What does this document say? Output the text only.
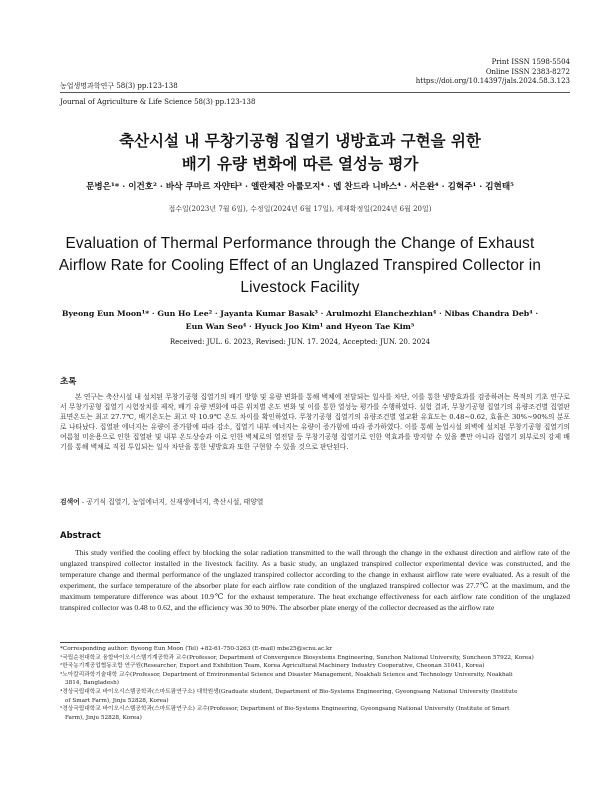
Print ISSN 1598-5504
Online ISSN 2383-8272
https://doi.org/10.14397/jals.2024.58.3.123
농업생명과학연구 58(3) pp.123-138
Journal of Agriculture & Life Science 58(3) pp.123-138
축산시설 내 무창기공형 집열기 냉방효과 구현을 위한
배기 유량 변화에 따른 열성능 평가
문병은¹* · 이건호² · 바삭 쿠마르 자얀타³ · 엘란체잔 아룰모지⁴ · 뎁 찬드라 니바스⁴ · 서은완⁴ · 김혁주¹ · 김현태⁵
접수일(2023년 7월 6일), 수정일(2024년 6월 17일), 게재확정일(2024년 6월 20일)
Evaluation of Thermal Performance through the Change of Exhaust
Airflow Rate for Cooling Effect of an Unglazed Transpired Collector in
Livestock Facility
Byeong Eun Moon¹* · Gun Ho Lee² · Jayanta Kumar Basak³ · Arulmozhi Elanchezhian⁴ · Nibas Chandra Deb⁴ ·
Eun Wan Seo⁴ · Hyuck Joo Kim¹ and Hyeon Tae Kim⁵
Received: JUL. 6. 2023, Revised: JUN. 17. 2024, Accepted: JUN. 20. 2024
초록
본 연구는 축산시설 내 설치된 무창기공형 집열기의 배기 방향 및 유량 변화를 통해 벽체에 전달되는 일사를 차단, 이를 통한 냉방효과를 검증하려는 목적의 기초 연구로서 무창기공형 집열기 시험장치를 제작, 배기 유량 변화에 따른 위치별 온도 변화 및 이를 통한 열성능 평가를 수행하였다. 실험 결과, 무창기공형 집열기의 유량조건별 집열판 표면온도는 최고 27.7℃, 배기온도는 최고 약 10.9℃ 온도 차이를 확인하였다. 무창기공형 집열기의 유량조건별 열교환 유효도는 0.48∼0.62, 효율은 30%∼90%의 분포로 나타났다. 집열판 에너지는 유량이 증가함에 따라 감소, 집열기 내부 에너지는 유량이 증가함에 따라 증가하였다. 이를 통해 농업시설 외벽에 설치된 무창기공형 집열기의 여름철 미운용으로 인한 집열판 및 내부 온도상승과 이로 인한 벽체로의 열전달 등 무창기공형 집열기로 인한 역효과를 방지할 수 있을 뿐만 아니라 집열기 외부로의 강제 배기를 통해 벽체로 직접 투입되는 일사 차단을 통한 냉방효과 또한 구현할 수 있을 것으로 판단된다.
검색어 - 공기식 집열기, 농업에너지, 신재생에너지, 축산시설, 태양열
Abstract
This study verified the cooling effect by blocking the solar radiation transmitted to the wall through the change in the exhaust direction and airflow rate of the unglazed transpired collector installed in the livestock facility. As a basic study, an unglazed transpired collector experimental device was constructed, and the temperature change and thermal performance of the unglazed transpired collector according to the change in exhaust airflow rate were evaluated. As a result of the experiment, the surface temperature of the absorber plate for each airflow rate condition of the unglazed transpired collector was 27.7℃ at the maximum, and the maximum temperature difference was about 10.9℃ for the exhaust temperature. The heat exchange effectiveness for each airflow rate condition of the unglazed transpired collector was 0.48 to 0.62, and the efficiency was 30 to 90%. The absorber plate energy of the collector decreased as the airflow rate
*Corresponding author: Byeong Eun Moon (Tel) +82-61-750-3263 (E-mail) mbe25@scnu.ac.kr
¹국립순천대학교 융합바이오시스템기계공학과 교수(Professor, Department of Convergence Biosystems Engineering, Sunchon National University, Suncheon 57922, Korea)
²한국농기계공업협동조합 연구원(Researcher, Export and Exhibition Team, Korea Agricultural Machinery Industry Cooperative, Cheonan 31041, Korea)
³노아칼리과학기술대학 교수(Professor, Department of Environmental Science and Disaster Management, Noakhali Science and Technology University, Noakhali
3814, Bangladesh)
⁴경상국립대학교 바이오시스템공학과(스마트팜연구소) 대학원생(Graduate student, Department of Bio-Systems Engineering, Gyeongsang National University (Institute
of Smart Farm), Jinju 52828, Korea)
⁵경상국립대학교 바이오시스템공학과(스마트팜연구소) 교수(Professor, Department of Bio-Systems Engineering, Gyeongsang National University (Institute of Smart
Farm), Jinju 52828, Korea)
